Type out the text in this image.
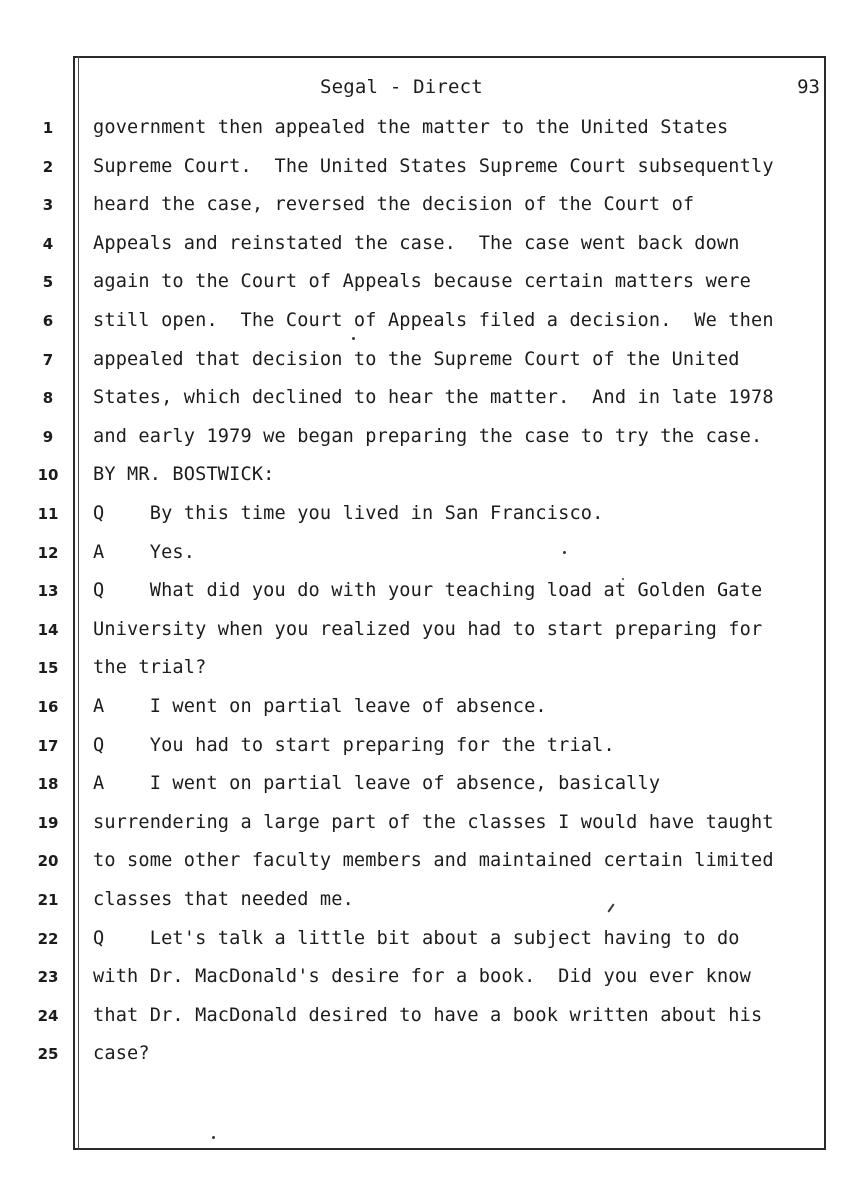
Segal - Direct	93
1	government then appealed the matter to the United States
2	Supreme Court.  The United States Supreme Court subsequently
3	heard the case, reversed the decision of the Court of
4	Appeals and reinstated the case.  The case went back down
5	again to the Court of Appeals because certain matters were
6	still open.  The Court of Appeals filed a decision.  We then
7	appealed that decision to the Supreme Court of the United
8	States, which declined to hear the matter.  And in late 1978
9	and early 1979 we began preparing the case to try the case.
10	BY MR. BOSTWICK:
11	Q    By this time you lived in San Francisco.
12	A    Yes.
13	Q    What did you do with your teaching load at Golden Gate
14	University when you realized you had to start preparing for
15	the trial?
16	A    I went on partial leave of absence.
17	Q    You had to start preparing for the trial.
18	A    I went on partial leave of absence, basically
19	surrendering a large part of the classes I would have taught
20	to some other faculty members and maintained certain limited
21	classes that needed me.
22	Q    Let's talk a little bit about a subject having to do
23	with Dr. MacDonald's desire for a book.  Did you ever know
24	that Dr. MacDonald desired to have a book written about his
25	case?
